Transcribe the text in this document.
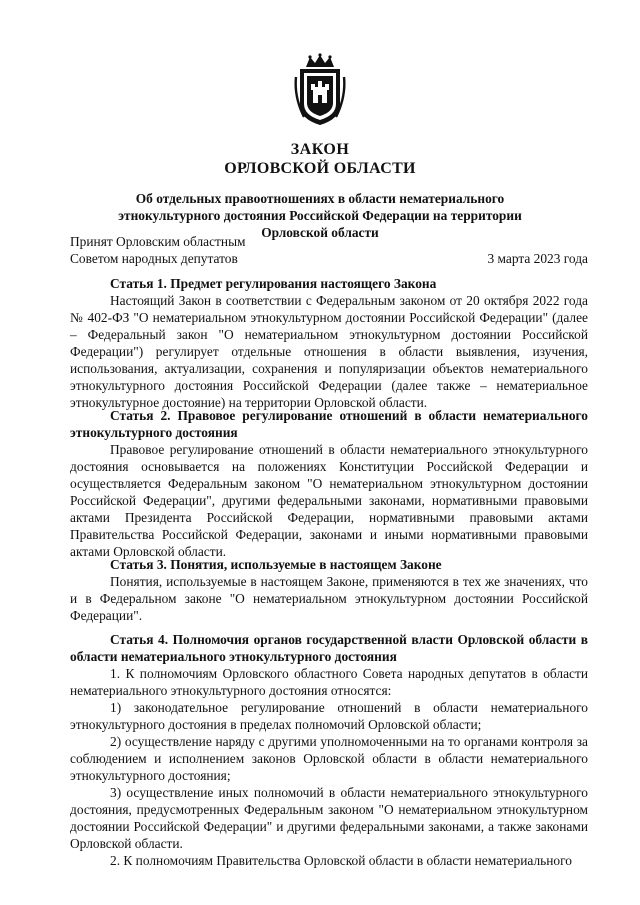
ЗАКОН
ОРЛОВСКОЙ ОБЛАСТИ
Об отдельных правоотношениях в области нематериального этнокультурного достояния Российской Федерации на территории Орловской области
Принят Орловским областным
Советом народных депутатов	3 марта 2023 года

Статья 1. Предмет регулирования настоящего Закона

Настоящий Закон в соответствии с Федеральным законом от 20 октября 2022 года № 402-ФЗ "О нематериальном этнокультурном достоянии Российской Федерации" (далее – Федеральный закон "О нематериальном этнокультурном достоянии Российской Федерации") регулирует отдельные отношения в области выявления, изучения, использования, актуализации, сохранения и популяризации объектов нематериального этнокультурного достояния Российской Федерации (далее также – нематериальное этнокультурное достояние) на территории Орловской области.

Статья 2. Правовое регулирование отношений в области нематериального этнокультурного достояния

Правовое регулирование отношений в области нематериального этнокультурного достояния основывается на положениях Конституции Российской Федерации и осуществляется Федеральным законом "О нематериальном этнокультурном достоянии Российской Федерации", другими федеральными законами, нормативными правовыми актами Президента Российской Федерации, нормативными правовыми актами Правительства Российской Федерации, законами и иными нормативными правовыми актами Орловской области.

Статья 3. Понятия, используемые в настоящем Законе

Понятия, используемые в настоящем Законе, применяются в тех же значениях, что и в Федеральном законе "О нематериальном этнокультурном достоянии Российской Федерации".

Статья 4. Полномочия органов государственной власти Орловской области в области нематериального этнокультурного достояния

1. К полномочиям Орловского областного Совета народных депутатов в области нематериального этнокультурного достояния относятся:

1) законодательное регулирование отношений в области нематериального этнокультурного достояния в пределах полномочий Орловской области;

2) осуществление наряду с другими уполномоченными на то органами контроля за соблюдением и исполнением законов Орловской области в области нематериального этнокультурного достояния;

3) осуществление иных полномочий в области нематериального этнокультурного достояния, предусмотренных Федеральным законом "О нематериальном этнокультурном достоянии Российской Федерации" и другими федеральными законами, а также законами Орловской области.

2. К полномочиям Правительства Орловской области в области нематериального
